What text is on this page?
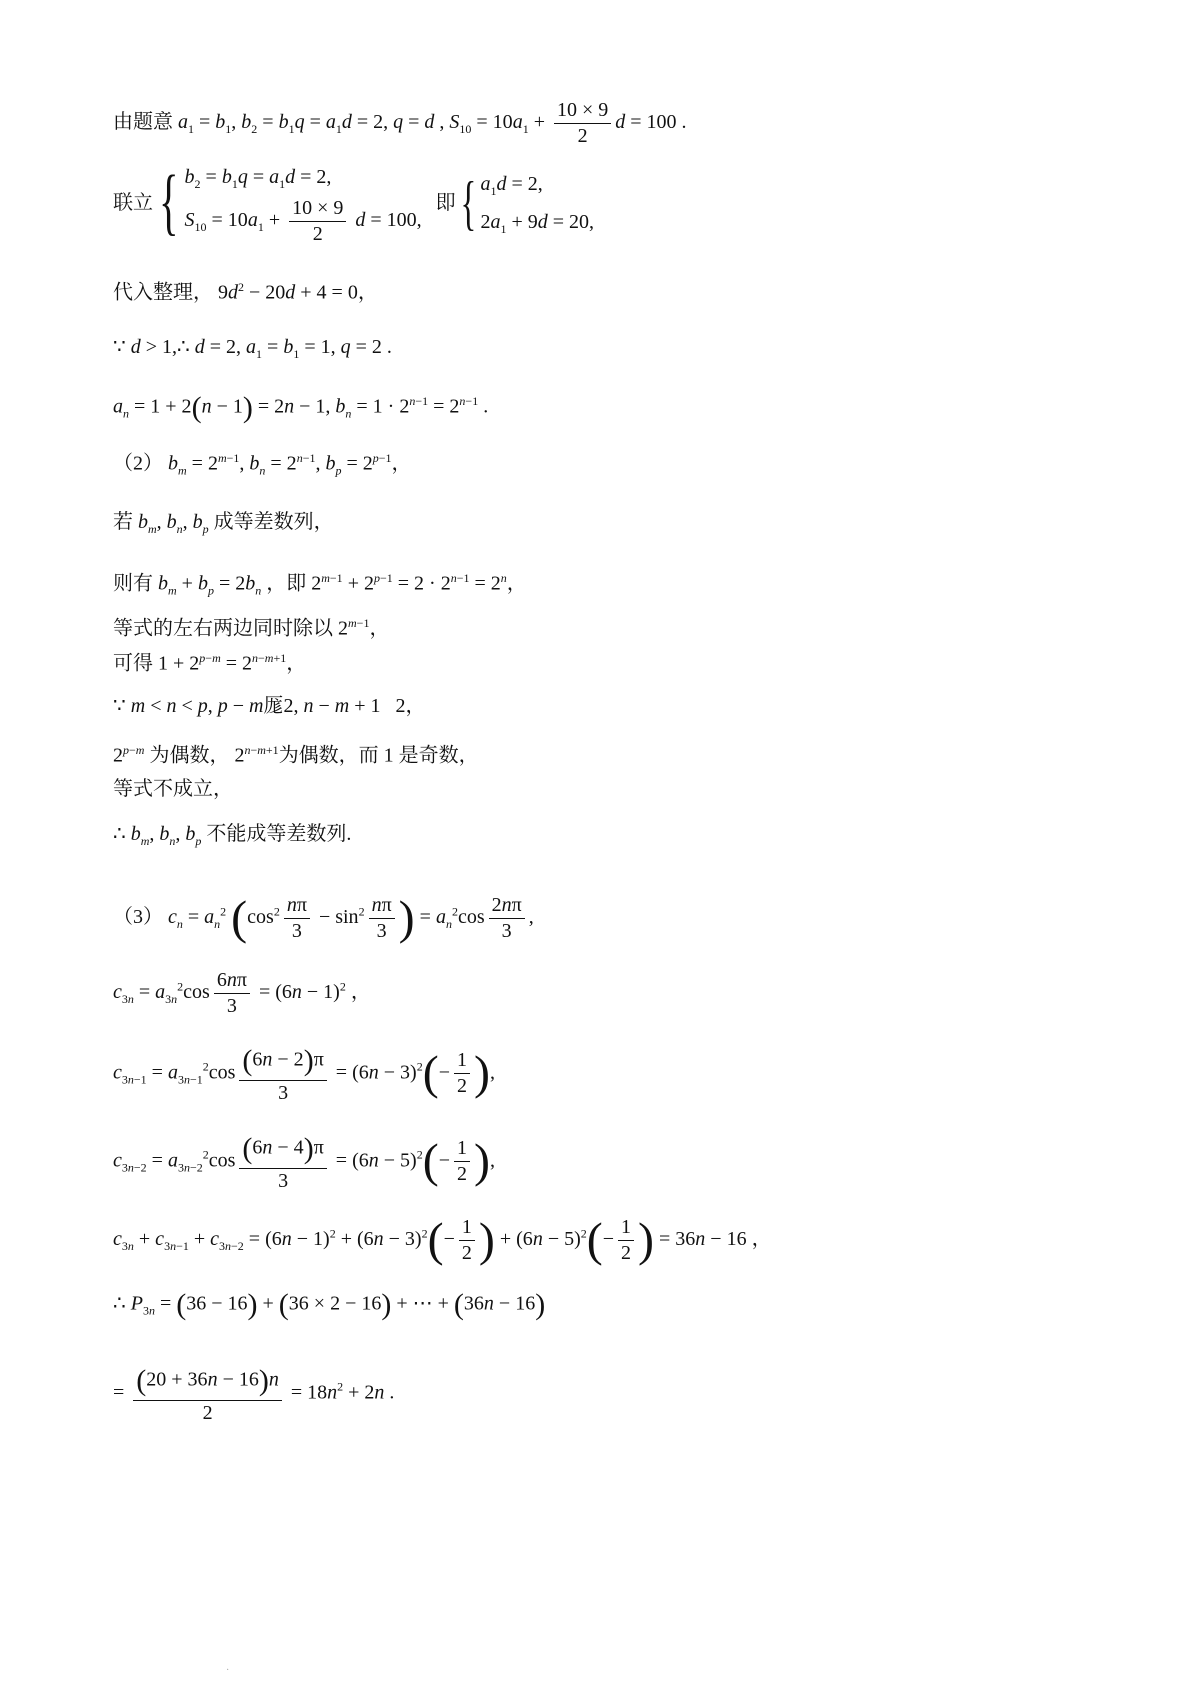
由题意 $a_1 = b_1$, $b_2 = b_1q = a_1d = 2$, q = d , $S_{10} = 10a_1 + \frac{10 \times 9}{2}$ d = 100 .
联立 { $b_2 = b_1q = a_1d = 2$,
$S_{10} = 10a_1 + \frac{10 \times 9}{2}$ d = 100,
即 { $a_1d = 2$,
$2a_1 + 9d = 20$,
代入整理， $9d^2 - 20d + 4 = 0$，
∵ d > 1,∴ d = 2, $a_1 = b_1 = 1$, q = 2 .
$a_n = 1 + 2(n - 1) = 2n - 1$, $b_n = 1 \cdot 2^{n-1} = 2^{n-1}$ .
（2） $b_m = 2^{m-1}$, $b_n = 2^{n-1}$, $b_p = 2^{p-1}$，
若 $b_m$, $b_n$, $b_p$ 成等差数列，
则有 $b_m + b_p = 2b_n$ ，即 $2^{m-1} + 2^{p-1} = 2 \cdot 2^{n-1} = 2^n$，
等式的左右两边同时除以 $2^{m-1}$，
可得 $1 + 2^{p-m} = 2^{n-m+1}$，
∵ m < n < p, p − m厖2, n − m + 1   2，
$2^{p-m}$ 为偶数， $2^{n-m+1}$为偶数，而 1 是奇数，
等式不成立，
∴ $b_m$, $b_n$, $b_p$ 不能成等差数列.
（3） $c_n = a_n^2$ ($\cos^2 \frac{n\pi}{3} - \sin^2 \frac{n\pi}{3}$ ) = $a_n^2\cos \frac{2n\pi}{3}$ ,
$c_{3n} = a_{3n}^2\cos \frac{6n\pi}{3} = (6n - 1)^2$ ，
$c_{3n-1} = a_{3n-1}^2\cos \frac{(6n - 2)\pi}{3} = (6n - 3)^2(- \frac{1}{2}$ ),
$c_{3n-2} = a_{3n-2}^2\cos \frac{(6n - 4)\pi}{3} = (6n - 5)^2(- \frac{1}{2}$ ),
$c_{3n} + c_{3n-1} + c_{3n-2} = (6n - 1)^2 + (6n - 3)^2(- \frac{1}{2}$ ) + $(6n - 5)^2(- \frac{1}{2}$ ) = 36n − 16 ，
∴ $P_{3n} = (36 - 16) + (36 \times 2 - 16)$ + ⋯ + (36n − 16)
= $\frac{(20 + 36n - 16)n}{2} = 18n^2 + 2n$ .
·
